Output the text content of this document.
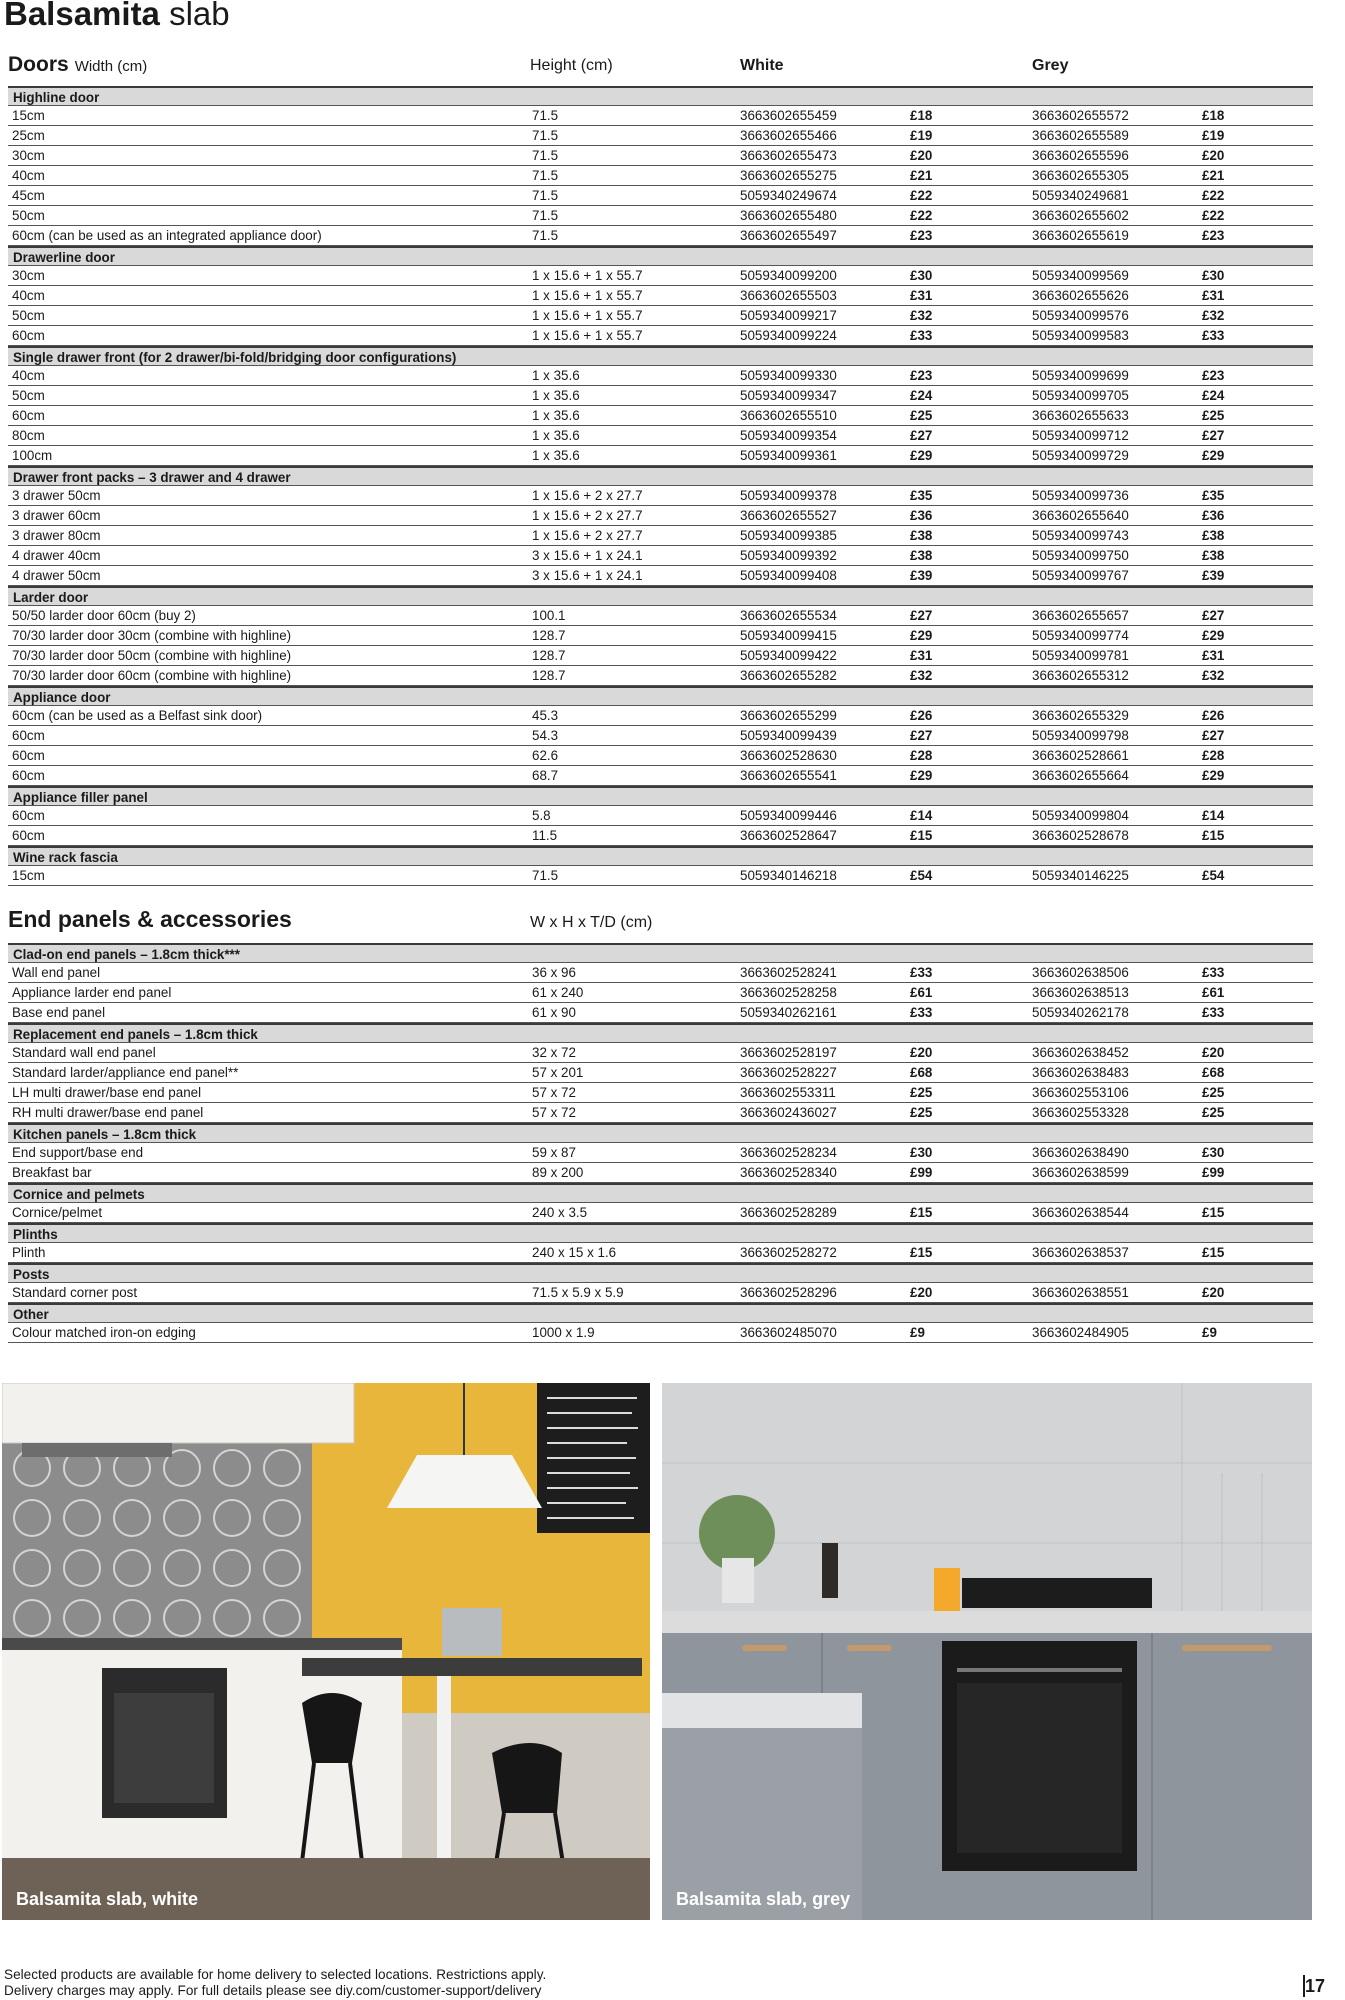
Balsamita slab
Doors Width (cm)	Height (cm)	White	Grey
Highline door
15cm	71.5	3663602655459	£18	3663602655572	£18
25cm	71.5	3663602655466	£19	3663602655589	£19
30cm	71.5	3663602655473	£20	3663602655596	£20
40cm	71.5	3663602655275	£21	3663602655305	£21
45cm	71.5	5059340249674	£22	5059340249681	£22
50cm	71.5	3663602655480	£22	3663602655602	£22
60cm (can be used as an integrated appliance door)	71.5	3663602655497	£23	3663602655619	£23
Drawerline door
30cm	1 x 15.6 + 1 x 55.7	5059340099200	£30	5059340099569	£30
40cm	1 x 15.6 + 1 x 55.7	3663602655503	£31	3663602655626	£31
50cm	1 x 15.6 + 1 x 55.7	5059340099217	£32	5059340099576	£32
60cm	1 x 15.6 + 1 x 55.7	5059340099224	£33	5059340099583	£33
Single drawer front (for 2 drawer/bi-fold/bridging door configurations)
40cm	1 x 35.6	5059340099330	£23	5059340099699	£23
50cm	1 x 35.6	5059340099347	£24	5059340099705	£24
60cm	1 x 35.6	3663602655510	£25	3663602655633	£25
80cm	1 x 35.6	5059340099354	£27	5059340099712	£27
100cm	1 x 35.6	5059340099361	£29	5059340099729	£29
Drawer front packs – 3 drawer and 4 drawer
3 drawer 50cm	1 x 15.6 + 2 x 27.7	5059340099378	£35	5059340099736	£35
3 drawer 60cm	1 x 15.6 + 2 x 27.7	3663602655527	£36	3663602655640	£36
3 drawer 80cm	1 x 15.6 + 2 x 27.7	5059340099385	£38	5059340099743	£38
4 drawer 40cm	3 x 15.6 + 1 x 24.1	5059340099392	£38	5059340099750	£38
4 drawer 50cm	3 x 15.6 + 1 x 24.1	5059340099408	£39	5059340099767	£39
Larder door
50/50 larder door 60cm (buy 2)	100.1	3663602655534	£27	3663602655657	£27
70/30 larder door 30cm (combine with highline)	128.7	5059340099415	£29	5059340099774	£29
70/30 larder door 50cm (combine with highline)	128.7	5059340099422	£31	5059340099781	£31
70/30 larder door 60cm (combine with highline)	128.7	3663602655282	£32	3663602655312	£32
Appliance door
60cm (can be used as a Belfast sink door)	45.3	3663602655299	£26	3663602655329	£26
60cm	54.3	5059340099439	£27	5059340099798	£27
60cm	62.6	3663602528630	£28	3663602528661	£28
60cm	68.7	3663602655541	£29	3663602655664	£29
Appliance filler panel
60cm	5.8	5059340099446	£14	5059340099804	£14
60cm	11.5	3663602528647	£15	3663602528678	£15
Wine rack fascia
15cm	71.5	5059340146218	£54	5059340146225	£54
End panels & accessories	W x H x T/D (cm)
Clad-on end panels – 1.8cm thick***
Wall end panel	36 x 96	3663602528241	£33	3663602638506	£33
Appliance larder end panel	61 x 240	3663602528258	£61	3663602638513	£61
Base end panel	61 x 90	5059340262161	£33	5059340262178	£33
Replacement end panels – 1.8cm thick
Standard wall end panel	32 x 72	3663602528197	£20	3663602638452	£20
Standard larder/appliance end panel**	57 x 201	3663602528227	£68	3663602638483	£68
LH multi drawer/base end panel	57 x 72	3663602553311	£25	3663602553106	£25
RH multi drawer/base end panel	57 x 72	3663602436027	£25	3663602553328	£25
Kitchen panels – 1.8cm thick
End support/base end	59 x 87	3663602528234	£30	3663602638490	£30
Breakfast bar	89 x 200	3663602528340	£99	3663602638599	£99
Cornice and pelmets
Cornice/pelmet	240 x 3.5	3663602528289	£15	3663602638544	£15
Plinths
Plinth	240 x 15 x 1.6	3663602528272	£15	3663602638537	£15
Posts
Standard corner post	71.5 x 5.9 x 5.9	3663602528296	£20	3663602638551	£20
Other
Colour matched iron-on edging	1000 x 1.9	3663602485070	£9	3663602484905	£9
Balsamita slab, white	Balsamita slab, grey
Selected products are available for home delivery to selected locations. Restrictions apply.
Delivery charges may apply. For full details please see diy.com/customer-support/delivery	17
